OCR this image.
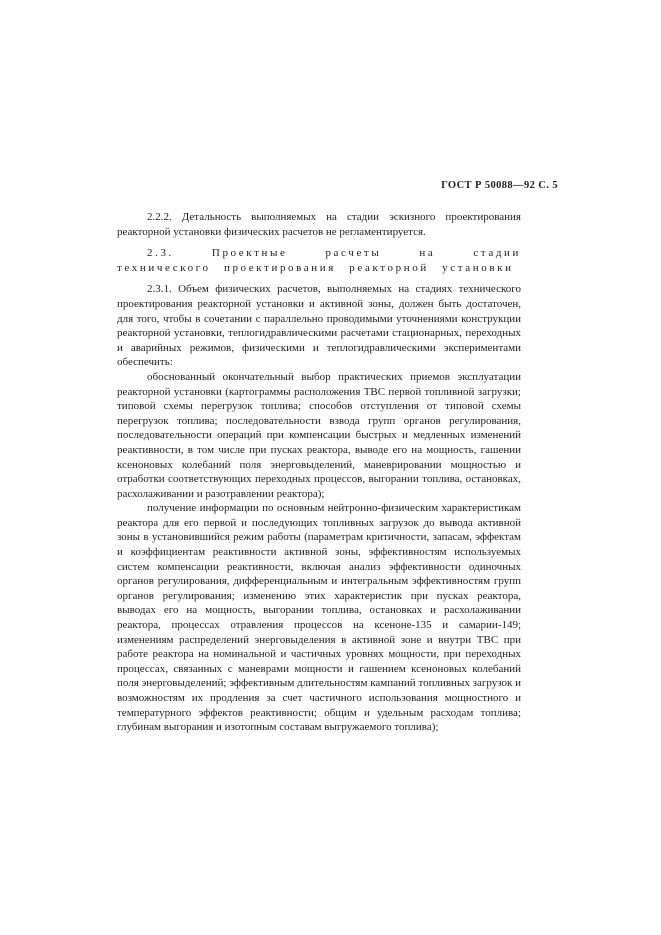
ГОСТ Р 50088—92 С. 5

2.2.2. Детальность выполняемых на стадии эскизного проектирования реакторной установки физических расчетов не регламентируется.

2.3. Проектные расчеты на стадии технического проектирования реакторной установки

2.3.1. Объем физических расчетов, выполняемых на стадиях технического проектирования реакторной установки и активной зоны, должен быть достаточен, для того, чтобы в сочетании с параллельно проводимыми уточнениями конструкции реакторной установки, теплогидравлическими расчетами стационарных, переходных и аварийных режимов, физическими и теплогидравлическими экспериментами обеспечить:

обоснованный окончательный выбор практических приемов эксплуатации реакторной установки (картограммы расположения ТВС первой топливной загрузки; типовой схемы перегрузок топлива; способов отступления от типовой схемы перегрузок топлива; последовательности взвода групп органов регулирования, последовательности операций при компенсации быстрых и медленных изменений реактивности, в том числе при пусках реактора, выводе его на мощность, гашении ксеноновых колебаний поля энерговыделений, маневрировании мощностью и отработки соответствующих переходных процессов, выгорании топлива, остановках, расхолаживании и разотравлении реактора);

получение информации по основным нейтронно-физическим характеристикам реактора для его первой и последующих топливных загрузок до вывода активной зоны в установившийся режим работы (параметрам критичности, запасам, эффектам и коэффициентам реактивности активной зоны, эффективностям используемых систем компенсации реактивности, включая анализ эффективности одиночных органов регулирования, дифференциальным и интегральным эффективностям групп органов регулирования; изменению этих характеристик при пусках реактора, выводах его на мощность, выгорании топлива, остановках и расхолаживании реактора, процессах отравления процессов на ксеноне-135 и самарии-149; изменениям распределений энерговыделения в активной зоне и внутри ТВС при работе реактора на номинальной и частичных уровнях мощности, при переходных процессах, связанных с маневрами мощности и гашением ксеноновых колебаний поля энерговыделений; эффективным длительностям кампаний топливных загрузок и возможностям их продления за счет частичного использования мощностного и температурного эффектов реактивности; общим и удельным расходам топлива; глубинам выгорания и изотопным составам выгружаемого топлива);
